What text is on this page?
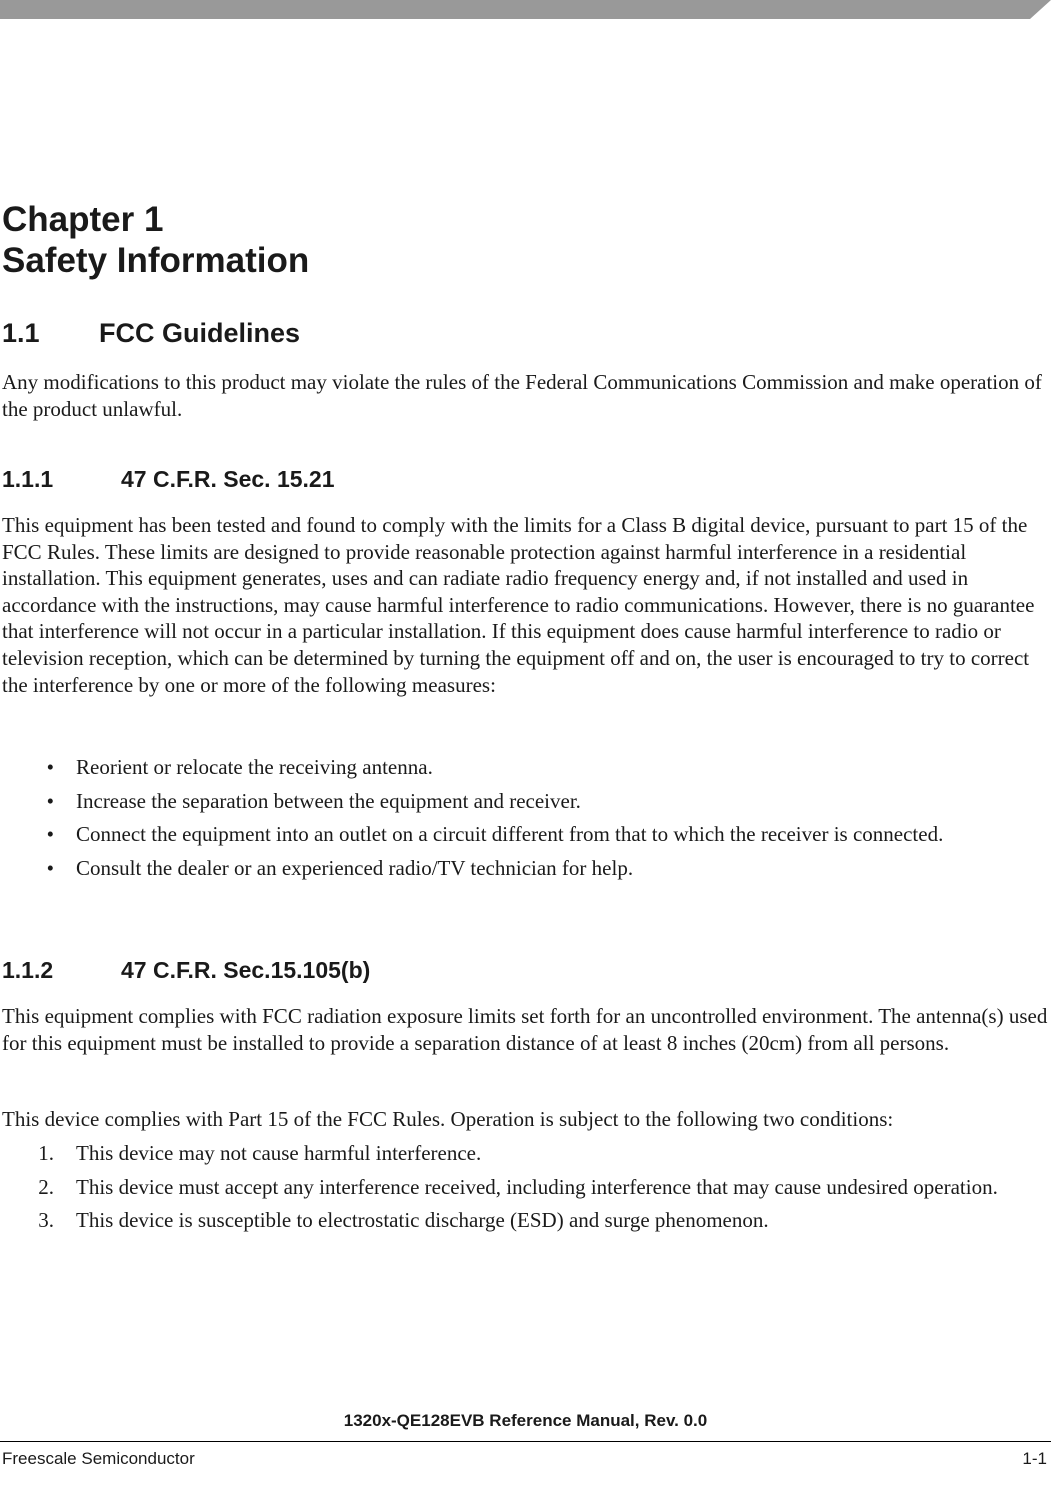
Chapter 1
Safety Information
1.1 FCC Guidelines

Any modifications to this product may violate the rules of the Federal Communications Commission and make operation of the product unlawful.

1.1.1	47 C.F.R. Sec. 15.21

This equipment has been tested and found to comply with the limits for a Class B digital device, pursuant to part 15 of the FCC Rules. These limits are designed to provide reasonable protection against harmful interference in a residential installation. This equipment generates, uses and can radiate radio frequency energy and, if not installed and used in accordance with the instructions, may cause harmful interference to radio communications. However, there is no guarantee that interference will not occur in a particular installation. If this equipment does cause harmful interference to radio or television reception, which can be determined by turning the equipment off and on, the user is encouraged to try to correct the interference by one or more of the following measures:

• Reorient or relocate the receiving antenna.
• Increase the separation between the equipment and receiver.
• Connect the equipment into an outlet on a circuit different from that to which the receiver is connected.
• Consult the dealer or an experienced radio/TV technician for help.
1.1.2	47 C.F.R. Sec.15.105(b)

This equipment complies with FCC radiation exposure limits set forth for an uncontrolled environment. The antenna(s) used for this equipment must be installed to provide a separation distance of at least 8 inches (20cm) from all persons.

This device complies with Part 15 of the FCC Rules. Operation is subject to the following two conditions:

1. This device may not cause harmful interference.
2. This device must accept any interference received, including interference that may cause undesired operation.
3. This device is susceptible to electrostatic discharge (ESD) and surge phenomenon.
1320x-QE128EVB Reference Manual, Rev. 0.0
Freescale Semiconductor	1-1
